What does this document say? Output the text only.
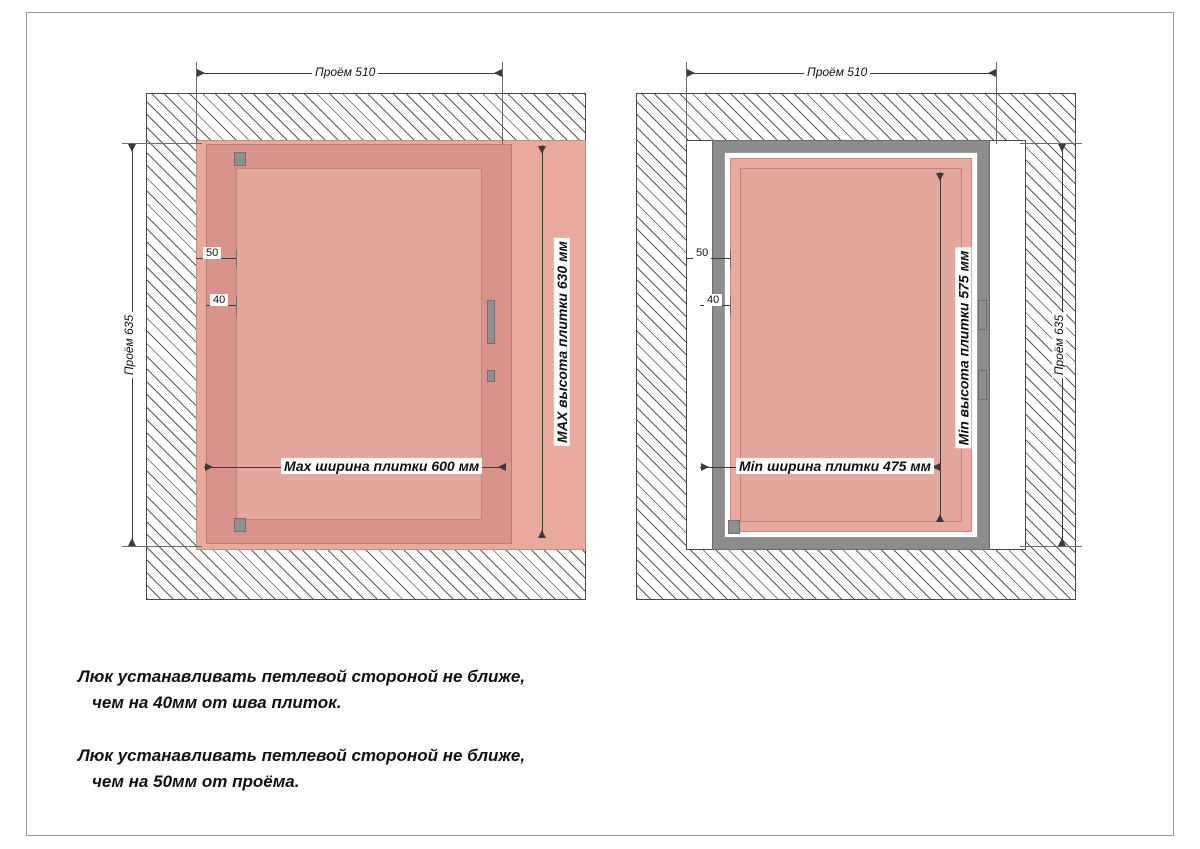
Проём 510
Проём 635
50
40
Мах ширина плитки 600 мм
MAX высота плитки 630 мм
Проём 510
Проём 635
50
40
Min ширина плитки 475 мм
Min высота плитки 575 мм

Люк устанавливать петлевой стороной не ближе,
чем на 40мм от шва плиток.

Люк устанавливать петлевой стороной не ближе,
чем на 50мм от проёма.
